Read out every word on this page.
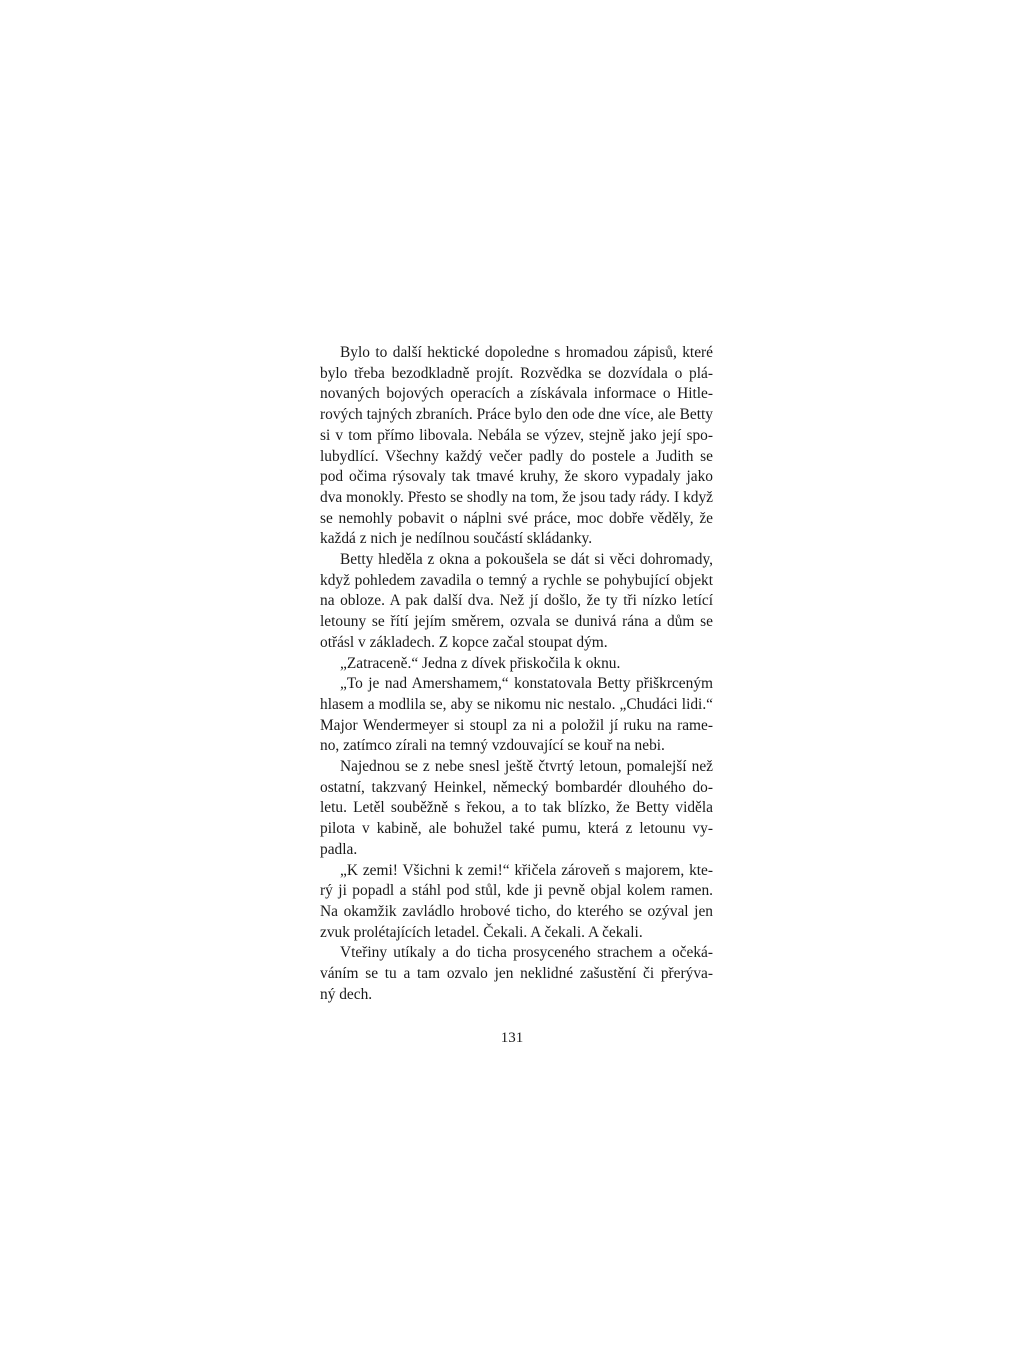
Bylo to další hektické dopoledne s hromadou zápisů, které
bylo třeba bezodkladně projít. Rozvědka se dozvídala o plá-
novaných bojových operacích a získávala informace o Hitle-
rových tajných zbraních. Práce bylo den ode dne více, ale Betty
si v tom přímo libovala. Nebála se výzev, stejně jako její spo-
lubydlící. Všechny každý večer padly do postele a Judith se
pod očima rýsovaly tak tmavé kruhy, že skoro vypadaly jako
dva monokly. Přesto se shodly na tom, že jsou tady rády. I když
se nemohly pobavit o náplni své práce, moc dobře věděly, že
každá z nich je nedílnou součástí skládanky.
Betty hleděla z okna a pokoušela se dát si věci dohromady,
když pohledem zavadila o temný a rychle se pohybující objekt
na obloze. A pak další dva. Než jí došlo, že ty tři nízko letící
letouny se řítí jejím směrem, ozvala se dunivá rána a dům se
otřásl v základech. Z kopce začal stoupat dým.
„Zatraceně.“ Jedna z dívek přiskočila k oknu.
„To je nad Amershamem,“ konstatovala Betty přiškrceným
hlasem a modlila se, aby se nikomu nic nestalo. „Chudáci lidi.“
Major Wendermeyer si stoupl za ni a položil jí ruku na rame-
no, zatímco zírali na temný vzdouvající se kouř na nebi.
Najednou se z nebe snesl ještě čtvrtý letoun, pomalejší než
ostatní, takzvaný Heinkel, německý bombardér dlouhého do-
letu. Letěl souběžně s řekou, a to tak blízko, že Betty viděla
pilota v kabině, ale bohužel také pumu, která z letounu vy-
padla.
„K zemi! Všichni k zemi!“ křičela zároveň s majorem, kte-
rý ji popadl a stáhl pod stůl, kde ji pevně objal kolem ramen.
Na okamžik zavládlo hrobové ticho, do kterého se ozýval jen
zvuk prolétajících letadel. Čekali. A čekali. A čekali.
Vteřiny utíkaly a do ticha prosyceného strachem a očeká-
váním se tu a tam ozvalo jen neklidné zašustění či přerýva-
ný dech.
131
